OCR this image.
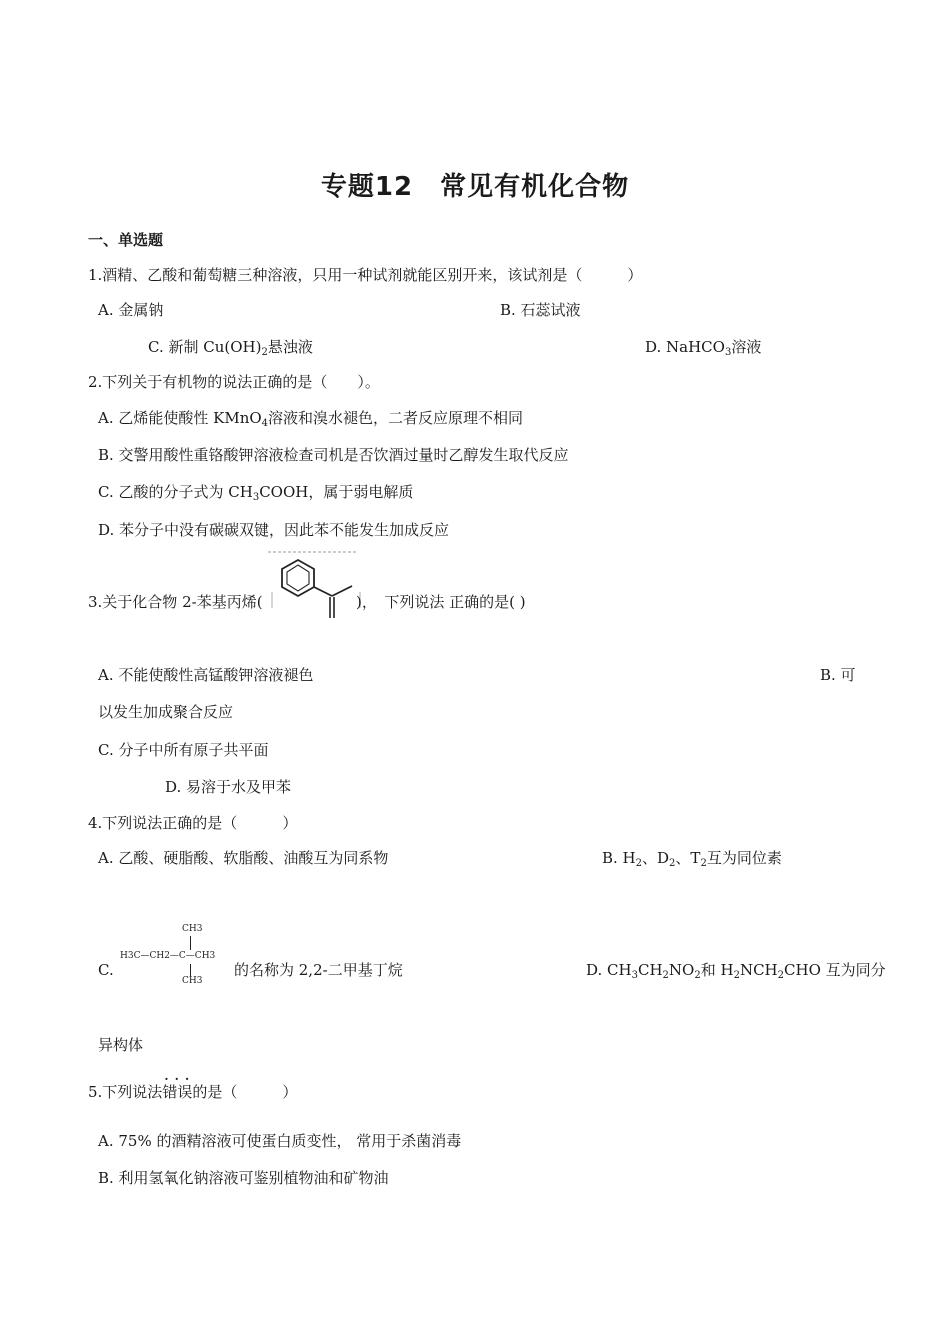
专题12　常见有机化合物
一、单选题
1.酒精、乙酸和葡萄糖三种溶液，只用一种试剂就能区别开来，该试剂是（　　　）
A. 金属钠	B. 石蕊试液
C. 新制 $Cu(OH)_2$悬浊液	D. NaHCO$_3$溶液
2.下列关于有机物的说法正确的是（　　）。
A. 乙烯能使酸性 KMnO$_4$溶液和溴水褪色，二者反应原理不相同
B. 交警用酸性重铬酸钾溶液检查司机是否饮酒过量时乙醇发生取代反应
C. 乙酸的分子式为 $CH_3COOH$，属于弱电解质
D. 苯分子中没有碳碳双键，因此苯不能发生加成反应
3.关于化合物 2-苯基丙烯(	)，　下列说法 正确的是( )
A. 不能使酸性高锰酸钾溶液褪色	B. 可
以发生加成聚合反应
C. 分子中所有原子共平面
D. 易溶于水及甲苯
4.下列说法正确的是（　　　）
A. 乙酸、硬脂酸、软脂酸、油酸互为同系物	B. $H_2$、$D_2$、$T_2$互为同位素
C.
CH3
H3C—CH2—C—CH3
CH3
的名称为 2,2-二甲基丁烷	D. $CH_3CH_2NO_2$和 $H_2NCH_2CHO$ 互为同分
异构体
5.下列说法· · · 错误的是（　　　）
A. 75% 的酒精溶液可使蛋白质变性， 常用于杀菌消毒
B. 利用氢氧化钠溶液可鉴别植物油和矿物油
